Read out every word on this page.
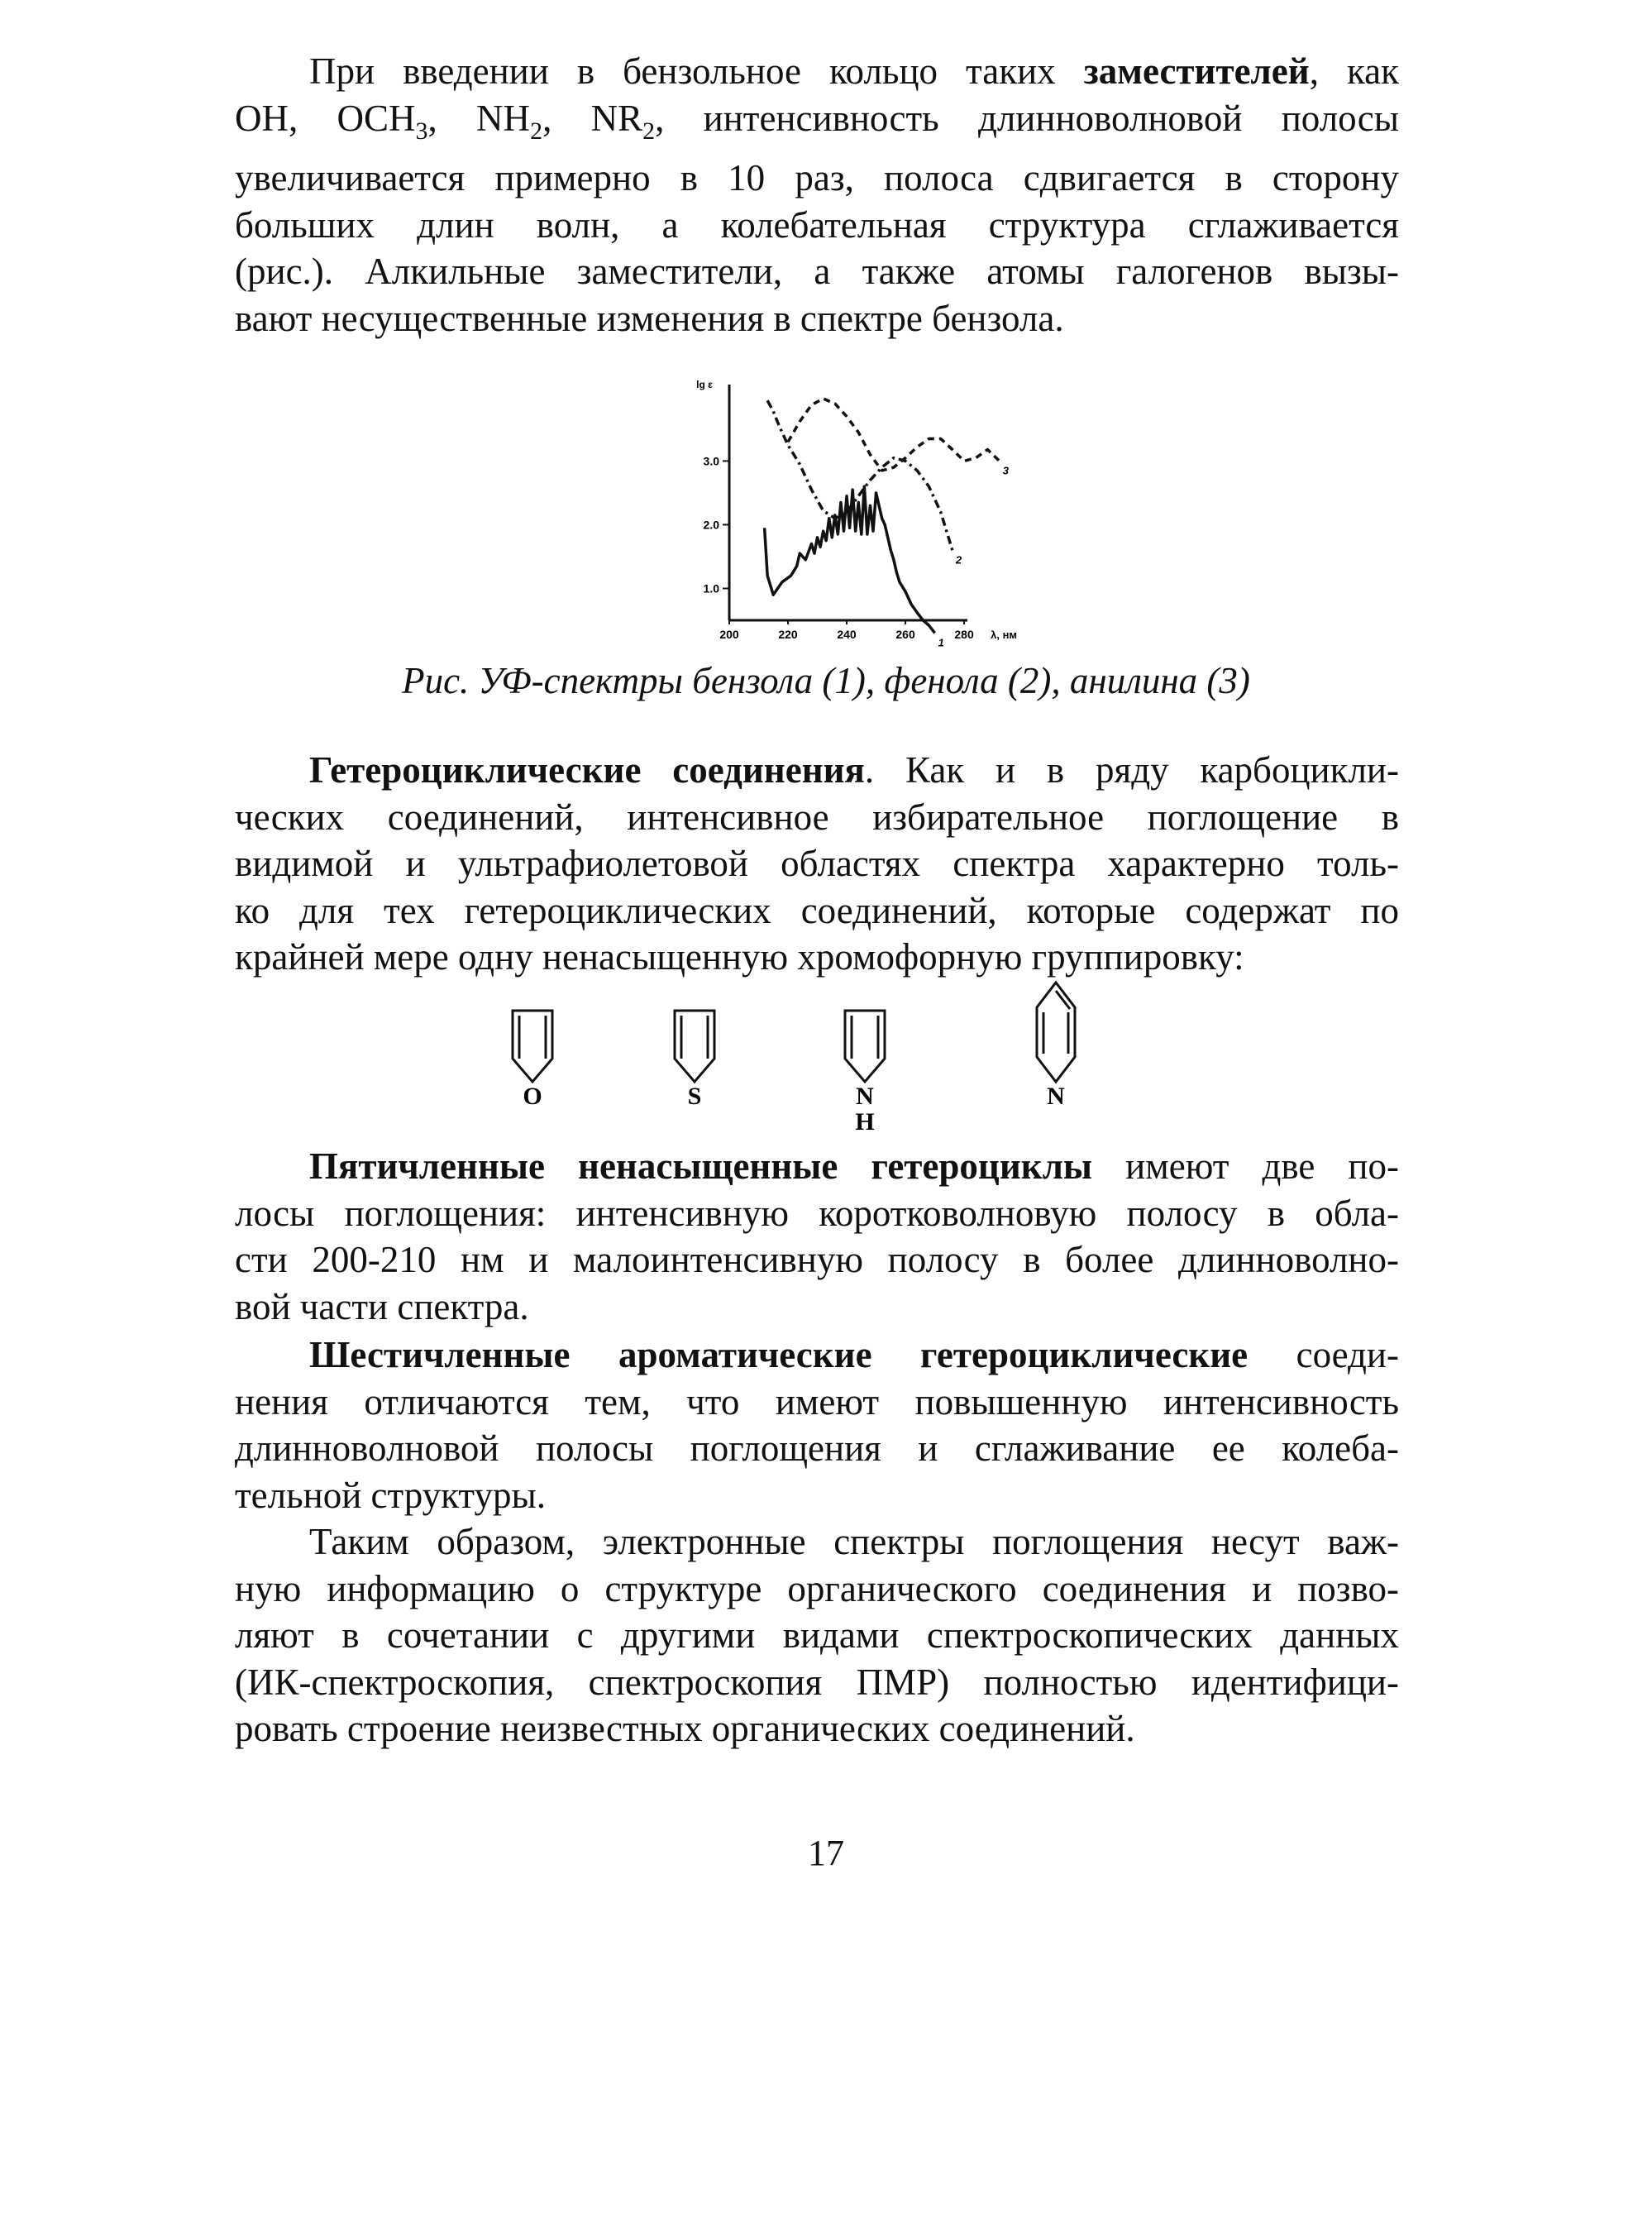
При введении в бензольное кольцо таких заместителей, как
OH, $OCH_3$, $NH_2$, $NR_2$, интенсивность длинноволновой полосы
увеличивается примерно в 10 раз, полоса сдвигается в сторону
больших длин волн, а колебательная структура сглаживается
(рис.). Алкильные заместители, а также атомы галогенов вызы-
вают несущественные изменения в спектре бензола.

1.0
2.0
3.0
lg ε
200	220	240	260	280 λ, нм
1
2
3
Рис. УФ-спектры бензола (1), фенола (2), анилина (3)

Гетероциклические соединения. Как и в ряду карбоцикли-
ческих соединений, интенсивное избирательное поглощение в
видимой и ультрафиолетовой областях спектра характерно толь-
ко для тех гетероциклических соединений, которые содержат по
крайней мере одну ненасыщенную хромофорную группировку:

O	S	N
H
N

Пятичленные ненасыщенные гетероциклы имеют две по-
лосы поглощения: интенсивную коротковолновую полосу в обла-
сти 200-210 нм и малоинтенсивную полосу в более длинноволно-
вой части спектра.

Шестичленные ароматические гетероциклические соеди-
нения отличаются тем, что имеют повышенную интенсивность
длинноволновой полосы поглощения и сглаживание ее колеба-
тельной структуры.

Таким образом, электронные спектры поглощения несут важ-
ную информацию о структуре органического соединения и позво-
ляют в сочетании с другими видами спектроскопических данных
(ИК-спектроскопия, спектроскопия ПМР) полностью идентифици-
ровать строение неизвестных органических соединений.

17
